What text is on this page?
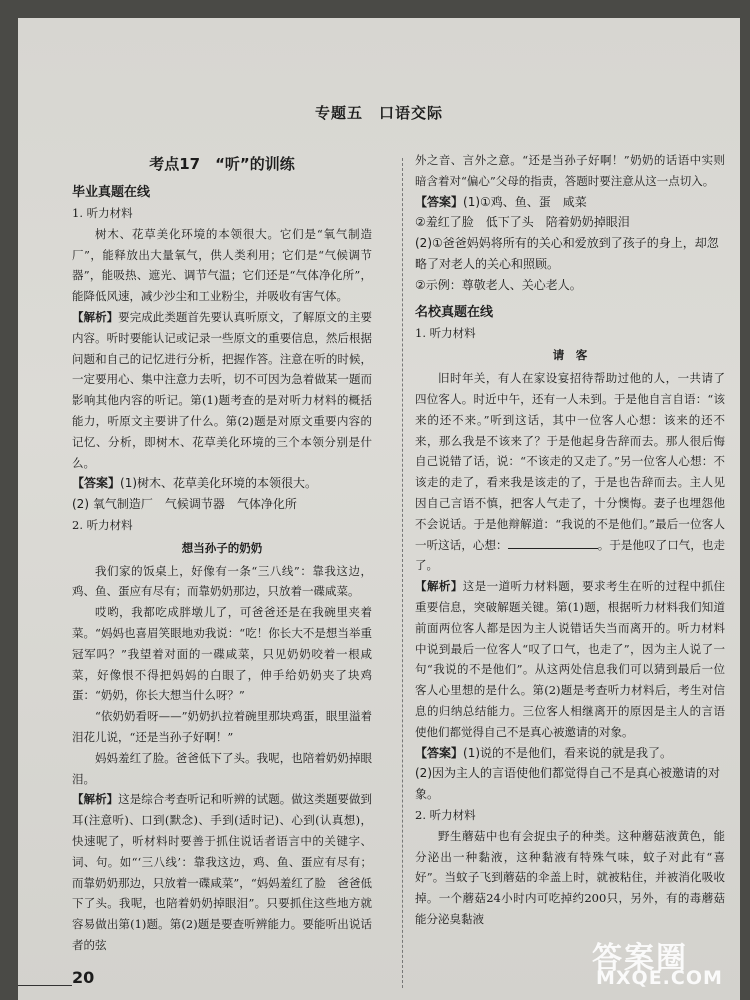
专题五　口语交际
考点17　“听”的训练
毕业真题在线
1. 听力材料

树木、花草美化环境的本领很大。它们是“氧气制造厂”，能释放出大量氧气，供人类利用；它们是“气候调节器”，能吸热、遮光、调节气温；它们还是“气体净化所”，能降低风速，减少沙尘和工业粉尘，并吸收有害气体。

【解析】要完成此类题首先要认真听原文，了解原文的主要内容。听时要能认记或记录一些原文的重要信息，然后根据问题和自己的记忆进行分析，把握作答。注意在听的时候，一定要用心、集中注意力去听，切不可因为急着做某一题而影响其他内容的听记。第(1)题考查的是对听力材料的概括能力，听原文主要讲了什么。第(2)题是对原文重要内容的记忆、分析，即树木、花草美化环境的三个本领分别是什么。

【答案】(1)树木、花草美化环境的本领很大。

(2) 氧气制造厂　气候调节器　气体净化所

2. 听力材料
想当孙子的奶奶

我们家的饭桌上，好像有一条“三八线”：靠我这边，鸡、鱼、蛋应有尽有；而靠奶奶那边，只放着一碟咸菜。

哎哟，我都吃成胖墩儿了，可爸爸还是在我碗里夹着菜。“妈妈也喜眉笑眼地劝我说：“吃！你长大不是想当举重冠军吗？”我望着对面的一碟咸菜，只见奶奶咬着一根咸菜，好像恨不得把妈妈的白眼了，伸手给奶奶夹了块鸡蛋：“奶奶，你长大想当什么呀？”

“依奶奶看呀——”奶奶扒拉着碗里那块鸡蛋，眼里溢着泪花儿说，“还是当孙子好啊！”

妈妈羞红了脸。爸爸低下了头。我呢，也陪着奶奶掉眼泪。

【解析】这是综合考查听记和听辨的试题。做这类题要做到耳(注意听)、口到(默念)、手到(适时记)、心到(认真想)，快速呢了，听材料时要善于抓住说话者语言中的关键字、词、句。如“‘三八线’：靠我这边，鸡、鱼、蛋应有尽有；而靠奶奶那边，只放着一碟咸菜”，“妈妈羞红了脸　爸爸低下了头。我呢，也陪着奶奶掉眼泪”。只要抓住这些地方就容易做出第(1)题。第(2)题是要查听辨能力。要能听出说话者的弦

外之音、言外之意。“还是当孙子好啊！”奶奶的话语中实则暗含着对“偏心”父母的指责，答题时要注意从这一点切入。

【答案】(1)①鸡、鱼、蛋　咸菜

②羞红了脸　低下了头　陪着奶奶掉眼泪

(2)①爸爸妈妈将所有的关心和爱放到了孩子的身上，却忽略了对老人的关心和照顾。

②示例：尊敬老人、关心老人。

名校真题在线
1. 听力材料
请　客

旧时年关，有人在家设宴招待帮助过他的人，一共请了四位客人。时近中午，还有一人未到。于是他自言自语：“该来的还不来。”听到这话，其中一位客人心想：该来的还不来，那么我是不该来了？于是他起身告辞而去。那人很后悔自己说错了话，说：“不该走的又走了。”另一位客人心想：不该走的走了，看来我是该走的了，于是也告辞而去。主人见因自己言语不慎，把客人气走了，十分懊悔。妻子也埋怨他不会说话。于是他辩解道：“我说的不是他们。”最后一位客人一听这话，心想：	。于是他叹了口气，也走了。

【解析】这是一道听力材料题，要求考生在听的过程中抓住重要信息，突破解题关键。第(1)题，根据听力材料我们知道前面两位客人都是因为主人说错话失当而离开的。听力材料中说到最后一位客人“叹了口气，也走了”，因为主人说了一句“我说的不是他们”。从这两处信息我们可以猜到最后一位客人心里想的是什么。第(2)题是考查听力材料后，考生对信息的归纳总结能力。三位客人相继离开的原因是主人的言语使他们都觉得自己不是真心被邀请的对象。

【答案】(1)说的不是他们，看来说的就是我了。

(2)因为主人的言语使他们都觉得自己不是真心被邀请的对象。

2. 听力材料

野生蘑菇中也有会捉虫子的种类。这种蘑菇液黄色，能分泌出一种黏液，这种黏液有特殊气味，蚊子对此有“喜好”。当蚊子飞到蘑菇的伞盖上时，就被粘住，并被消化吸收掉。一个蘑菇24小时内可吃掉约200只，另外，有的毒蘑菇能分泌臭黏液

20
答案圈
MXQE.COM
